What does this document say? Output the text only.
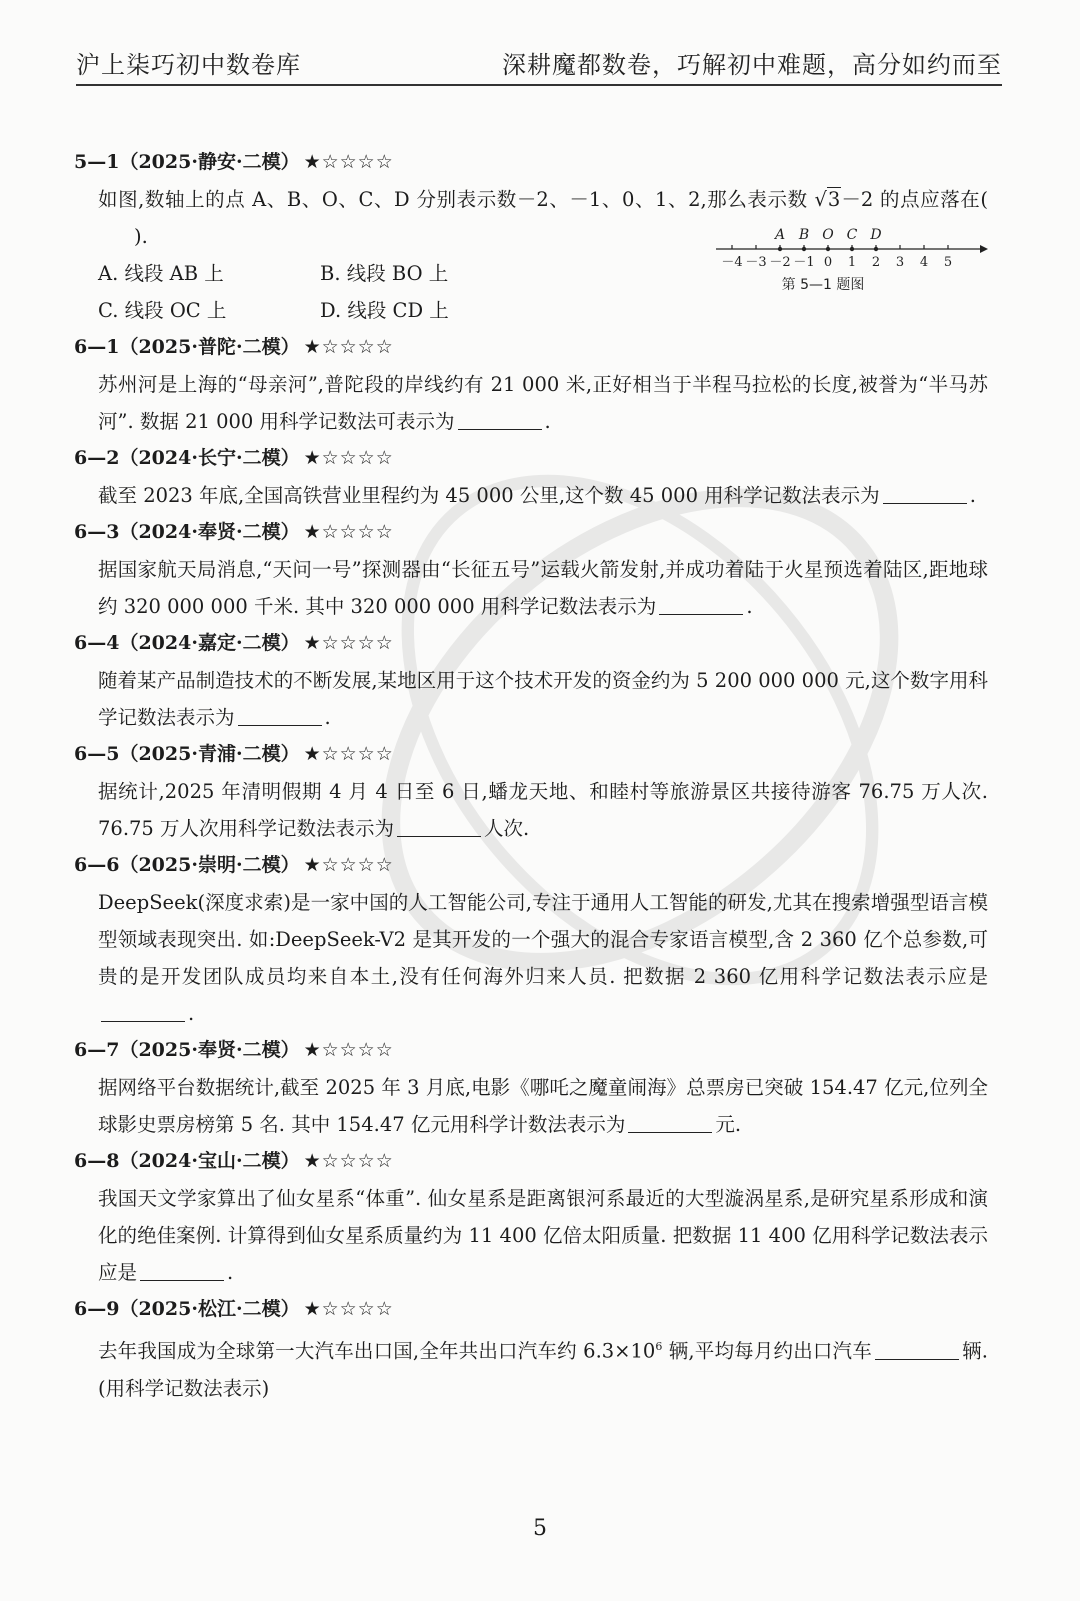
沪上柒巧初中数卷库	深耕魔都数卷，巧解初中难题，高分如约而至
5—1（2025·静安·二模） ★☆☆☆☆
如图,数轴上的点 A、B、O、C、D 分别表示数－2、－1、0、1、2,那么表示数 √3－2 的点应落在().
A. 线段 AB 上	B. 线段 BO 上
C. 线段 OC 上	D. 线段 CD 上
－4 －3 －2 －1 0 1 2 3 4 5
A B O C D
第 5—1 题图
6—1（2025·普陀·二模） ★☆☆☆☆
苏州河是上海的“母亲河”,普陀段的岸线约有 21 000 米,正好相当于半程马拉松的长度,被誉为“半马苏河”. 数据 21 000 用科学记数法可表示为	.
6—2（2024·长宁·二模） ★☆☆☆☆
截至 2023 年底,全国高铁营业里程约为 45 000 公里,这个数 45 000 用科学记数法表示为	.
6—3（2024·奉贤·二模） ★☆☆☆☆
据国家航天局消息,“天问一号”探测器由“长征五号”运载火箭发射,并成功着陆于火星预选着陆区,距地球约 320 000 000 千米. 其中 320 000 000 用科学记数法表示为	.
6—4（2024·嘉定·二模） ★☆☆☆☆
随着某产品制造技术的不断发展,某地区用于这个技术开发的资金约为 5 200 000 000 元,这个数字用科学记数法表示为	.
6—5（2025·青浦·二模） ★☆☆☆☆
据统计,2025 年清明假期 4 月 4 日至 6 日,蟠龙天地、和睦村等旅游景区共接待游客 76.75 万人次. 76.75 万人次用科学记数法表示为	人次.
6—6（2025·崇明·二模） ★☆☆☆☆
DeepSeek(深度求索)是一家中国的人工智能公司,专注于通用人工智能的研发,尤其在搜索增强型语言模型领域表现突出. 如:DeepSeek-V2 是其开发的一个强大的混合专家语言模型,含 2 360 亿个总参数,可贵的是开发团队成员均来自本土,没有任何海外归来人员. 把数据 2 360 亿用科学记数法表示应是.
6—7（2025·奉贤·二模） ★☆☆☆☆
据网络平台数据统计,截至 2025 年 3 月底,电影《哪吒之魔童闹海》总票房已突破 154.47 亿元,位列全球影史票房榜第 5 名. 其中 154.47 亿元用科学计数法表示为	元.
6—8（2024·宝山·二模） ★☆☆☆☆
我国天文学家算出了仙女星系“体重”. 仙女星系是距离银河系最近的大型漩涡星系,是研究星系形成和演化的绝佳案例. 计算得到仙女星系质量约为 11 400 亿倍太阳质量. 把数据 11 400 亿用科学记数法表示应是	.
6—9（2025·松江·二模） ★☆☆☆☆
去年我国成为全球第一大汽车出口国,全年共出口汽车约 $6.3\times 10^6$ 辆,平均每月约出口汽车	辆.(用科学记数法表示)
5
